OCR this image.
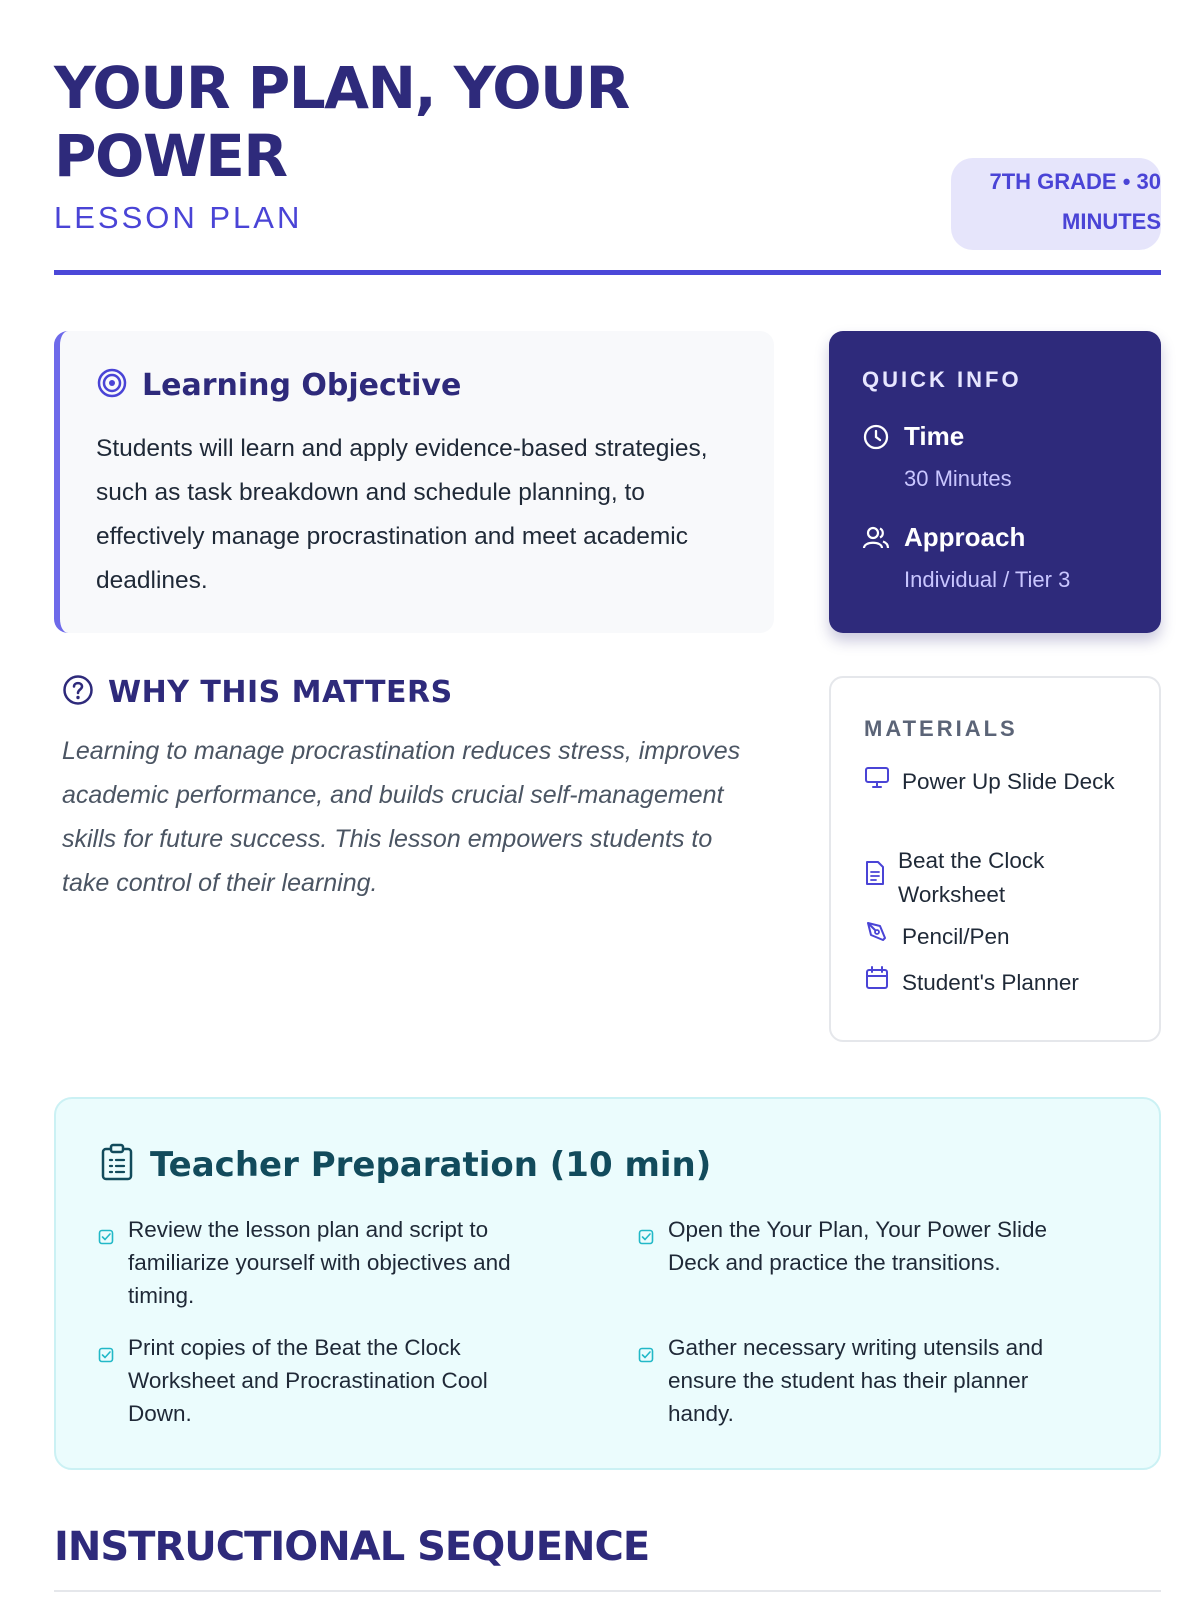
YOUR PLAN, YOUR POWER
LESSON PLAN
7TH GRADE • 30 MINUTES
Learning Objective
Students will learn and apply evidence-based strategies, such as task breakdown and schedule planning, to effectively manage procrastination and meet academic deadlines.
QUICK INFO
Time
30 Minutes
Approach
Individual / Tier 3
WHY THIS MATTERS
Learning to manage procrastination reduces stress, improves academic performance, and builds crucial self-management skills for future success. This lesson empowers students to take control of their learning.
MATERIALS
Power Up Slide Deck
Beat the Clock Worksheet
Pencil/Pen
Student's Planner
Teacher Preparation (10 min)
Review the lesson plan and script to familiarize yourself with objectives and timing.
Open the Your Plan, Your Power Slide Deck and practice the transitions.
Print copies of the Beat the Clock Worksheet and Procrastination Cool Down.
Gather necessary writing utensils and ensure the student has their planner handy.
INSTRUCTIONAL SEQUENCE
